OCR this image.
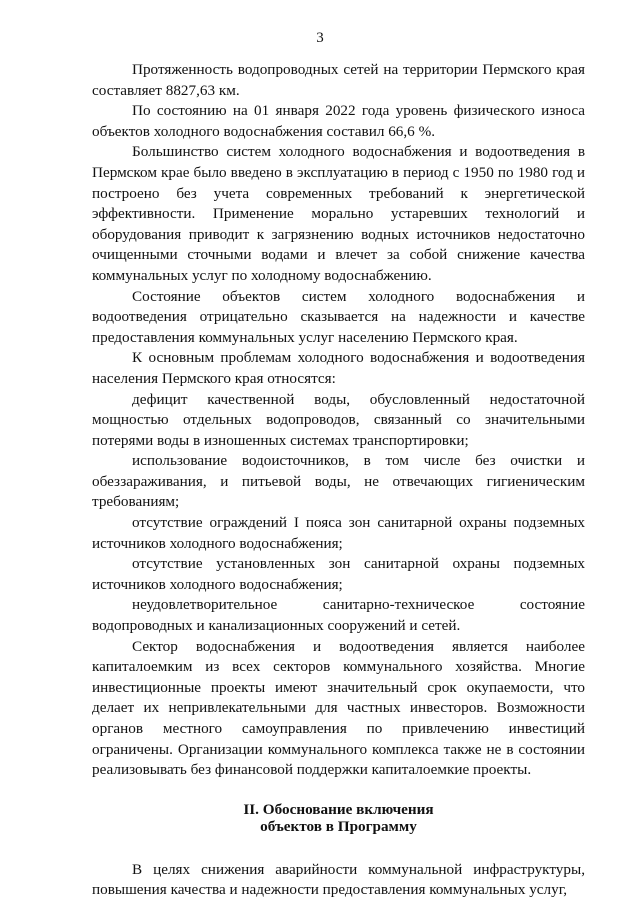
3

Протяженность водопроводных сетей на территории Пермского края составляет 8827,63 км.

По состоянию на 01 января 2022 года уровень физического износа объектов холодного водоснабжения составил 66,6 %.

Большинство систем холодного водоснабжения и водоотведения в Пермском крае было введено в эксплуатацию в период с 1950 по 1980 год и построено без учета современных требований к энергетической эффективности. Применение морально устаревших технологий и оборудования приводит к загрязнению водных источников недостаточно очищенными сточными водами и влечет за собой снижение качества коммунальных услуг по холодному водоснабжению.

Состояние объектов систем холодного водоснабжения и водоотведения отрицательно сказывается на надежности и качестве предоставления коммунальных услуг населению Пермского края.

К основным проблемам холодного водоснабжения и водоотведения населения Пермского края относятся:

дефицит качественной воды, обусловленный недостаточной мощностью отдельных водопроводов, связанный со значительными потерями воды в изношенных системах транспортировки;

использование водоисточников, в том числе без очистки и обеззараживания, и питьевой воды, не отвечающих гигиеническим требованиям;

отсутствие ограждений I пояса зон санитарной охраны подземных источников холодного водоснабжения;

отсутствие установленных зон санитарной охраны подземных источников холодного водоснабжения;

неудовлетворительное санитарно-техническое состояние водопроводных и канализационных сооружений и сетей.

Сектор водоснабжения и водоотведения является наиболее капиталоемким из всех секторов коммунального хозяйства. Многие инвестиционные проекты имеют значительный срок окупаемости, что делает их непривлекательными для частных инвесторов. Возможности органов местного самоуправления по привлечению инвестиций ограничены. Организации коммунального комплекса также не в состоянии реализовывать без финансовой поддержки капиталоемкие проекты.

II. Обоснование включения
объектов в Программу

В целях снижения аварийности коммунальной инфраструктуры, повышения качества и надежности предоставления коммунальных услуг,
